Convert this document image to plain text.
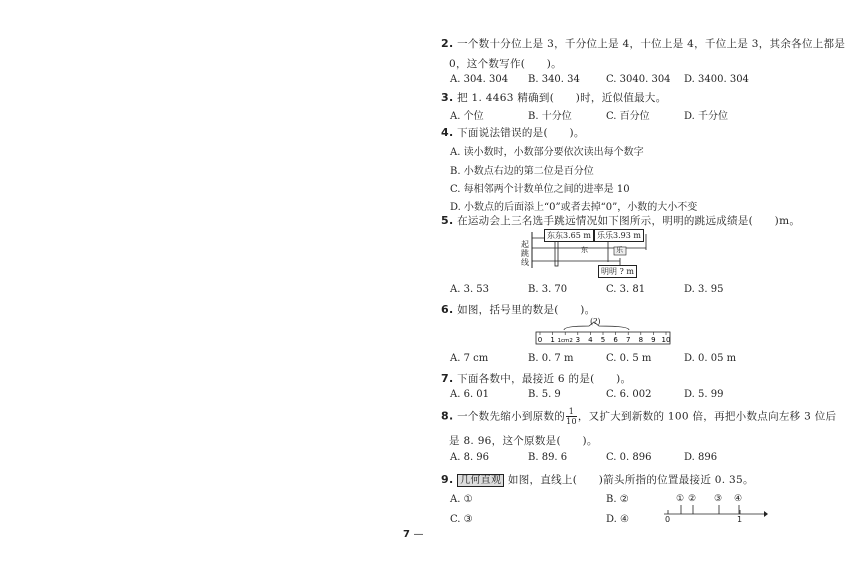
2. 一个数十分位上是 3，千分位上是 4，十位上是 4，千位上是 3，其余各位上都是
0，这个数写作(　　)。
A. 304. 304 B. 340. 34	C. 3040. 304 D. 3400. 304
3. 把 1. 4463 精确到(　　)时，近似值最大。
A. 个位	B. 十分位	C. 百分位	D. 千分位
4. 下面说法错误的是(　　)。
A. 读小数时，小数部分要依次读出每个数字
B. 小数点右边的第二位是百分位
C. 每相邻两个计数单位之间的进率是 10
D. 小数点的后面添上“0”或者去掉“0”，小数的大小不变
5. 在运动会上三名选手跳远情况如下图所示，明明的跳远成绩是(　　)m。
起跳线
东东3.65 m 乐乐3.93 m
东	乐
明明 ? m
A. 3. 53	B. 3. 70	C. 3. 81	D. 3. 95
6. 如图，括号里的数是(　　)。
0 1 1cm2 3 4 5 6 7 8 9 10
(?)
A. 7 cm	B. 0. 7 m	C. 0. 5 m	D. 0. 05 m
7. 下面各数中，最接近 6 的是(　　)。
A. 6. 01	B. 5. 9	C. 6. 002	D. 5. 99
8. 一个数先缩小到原数的 $\frac{1}{10}$ ，又扩大到新数的 100 倍，再把小数点向左移 3 位后
是 8. 96，这个原数是(　　)。
A. 8. 96	B. 89. 6	C. 0. 896	D. 896
9. 几何直观 如图，直线上(　　)箭头所指的位置最接近 0. 35。
A. ①	B. ②
C. ③	D. ④
① ② ③ ④
0	1
7 —
